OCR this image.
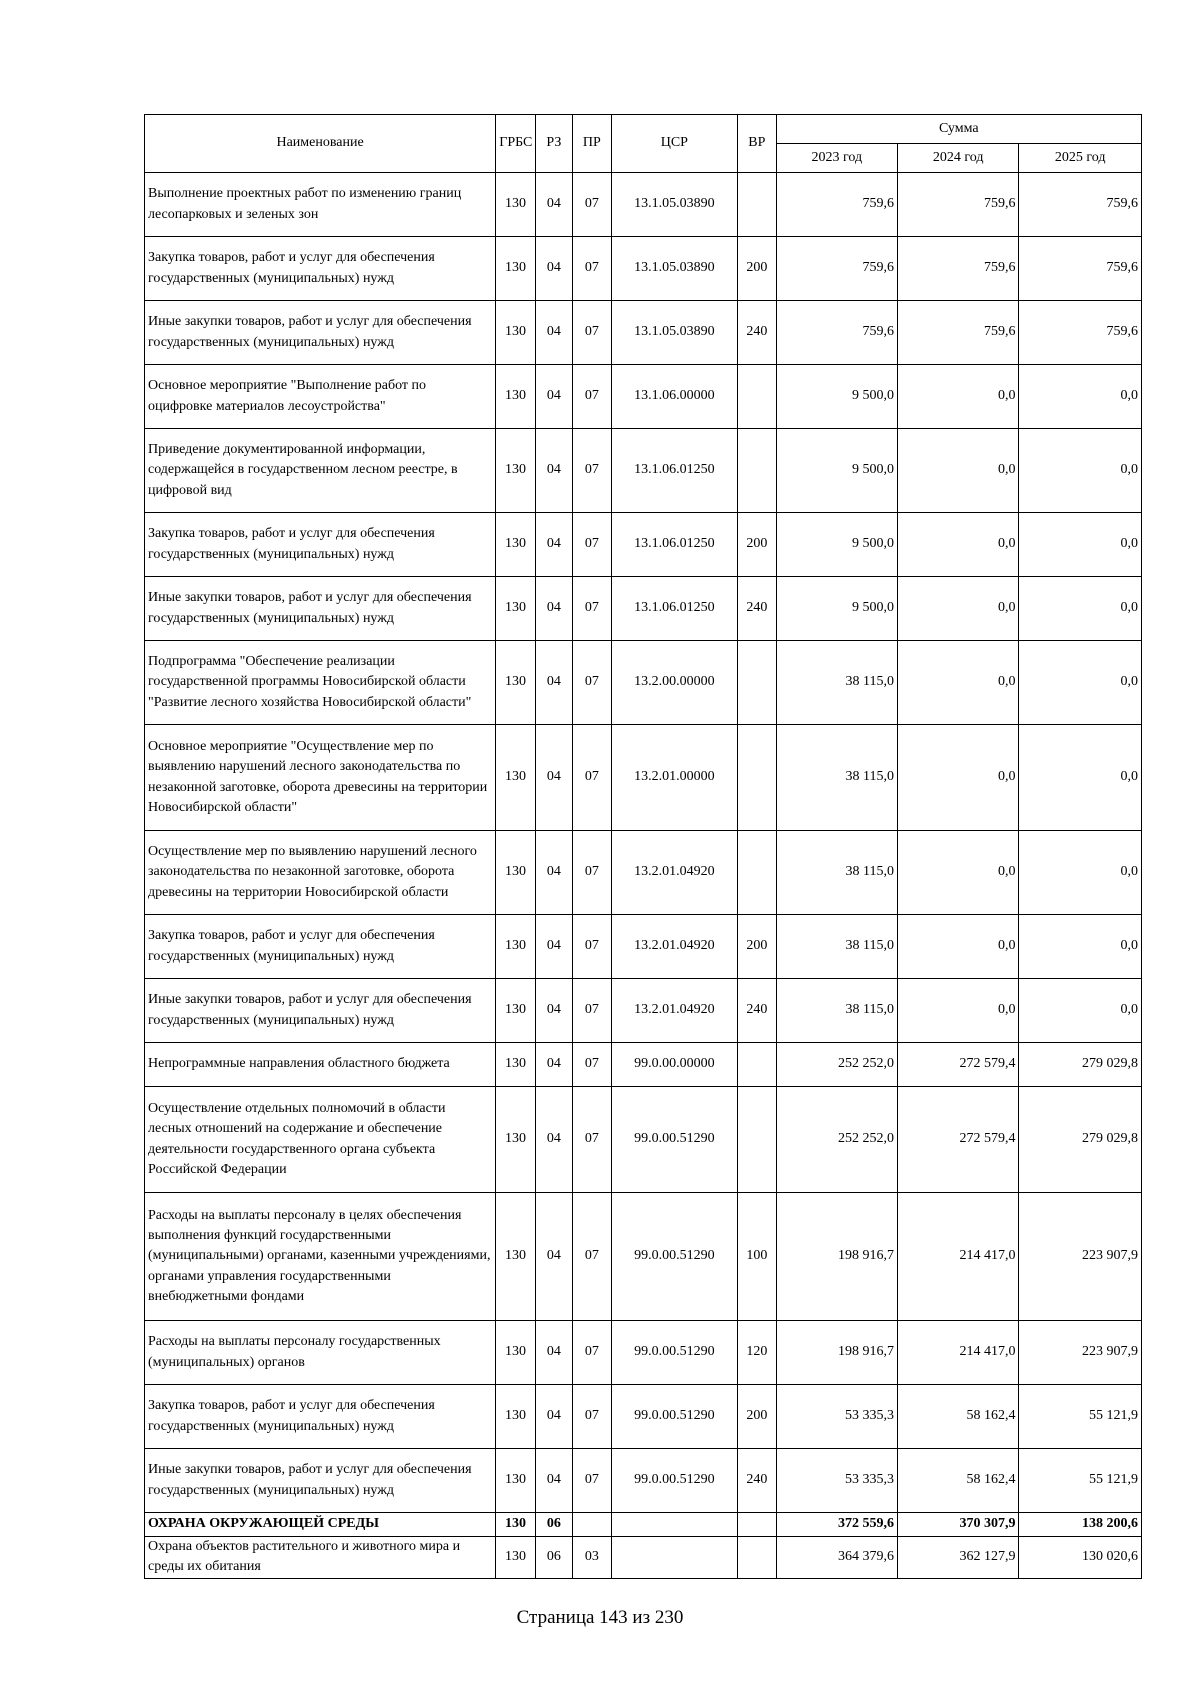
Наименование	ГРБС	РЗ	ПР	ЦСР	ВР	Сумма		
						2023 год	2024 год	2025 год
Выполнение проектных работ по изменению границ лесопарковых и зеленых зон	130	04	07	13.1.05.03890		759,6	759,6	759,6
Закупка товаров, работ и услуг для обеспечения государственных (муниципальных) нужд	130	04	07	13.1.05.03890	200	759,6	759,6	759,6
Иные закупки товаров, работ и услуг для обеспечения государственных (муниципальных) нужд	130	04	07	13.1.05.03890	240	759,6	759,6	759,6
Основное мероприятие "Выполнение работ по оцифровке материалов лесоустройства"	130	04	07	13.1.06.00000		9 500,0	0,0	0,0
Приведение документированной информации, содержащейся в государственном лесном реестре, в цифровой вид	130	04	07	13.1.06.01250		9 500,0	0,0	0,0
Закупка товаров, работ и услуг для обеспечения государственных (муниципальных) нужд	130	04	07	13.1.06.01250	200	9 500,0	0,0	0,0
Иные закупки товаров, работ и услуг для обеспечения государственных (муниципальных) нужд	130	04	07	13.1.06.01250	240	9 500,0	0,0	0,0
Подпрограмма "Обеспечение реализации государственной программы Новосибирской области "Развитие лесного хозяйства Новосибирской области"	130	04	07	13.2.00.00000		38 115,0	0,0	0,0
Основное мероприятие "Осуществление мер по выявлению нарушений лесного законодательства по незаконной заготовке, оборота древесины на территории Новосибирской области"	130	04	07	13.2.01.00000		38 115,0	0,0	0,0
Осуществление мер по выявлению нарушений лесного законодательства по незаконной заготовке, оборота древесины на территории Новосибирской области	130	04	07	13.2.01.04920		38 115,0	0,0	0,0
Закупка товаров, работ и услуг для обеспечения государственных (муниципальных) нужд	130	04	07	13.2.01.04920	200	38 115,0	0,0	0,0
Иные закупки товаров, работ и услуг для обеспечения государственных (муниципальных) нужд	130	04	07	13.2.01.04920	240	38 115,0	0,0	0,0
Непрограммные направления областного бюджета	130	04	07	99.0.00.00000		252 252,0	272 579,4	279 029,8
Осуществление отдельных полномочий в области лесных отношений на содержание и обеспечение деятельности государственного органа субъекта Российской Федерации	130	04	07	99.0.00.51290		252 252,0	272 579,4	279 029,8
Расходы на выплаты персоналу в целях обеспечения выполнения функций государственными (муниципальными) органами, казенными учреждениями, органами управления государственными внебюджетными фондами	130	04	07	99.0.00.51290	100	198 916,7	214 417,0	223 907,9
Расходы на выплаты персоналу государственных (муниципальных) органов	130	04	07	99.0.00.51290	120	198 916,7	214 417,0	223 907,9
Закупка товаров, работ и услуг для обеспечения государственных (муниципальных) нужд	130	04	07	99.0.00.51290	200	53 335,3	58 162,4	55 121,9
Иные закупки товаров, работ и услуг для обеспечения государственных (муниципальных) нужд	130	04	07	99.0.00.51290	240	53 335,3	58 162,4	55 121,9
ОХРАНА ОКРУЖАЮЩЕЙ СРЕДЫ	130	06				372 559,6	370 307,9	138 200,6
Охрана объектов растительного и животного мира и среды их обитания	130	06	03			364 379,6	362 127,9	130 020,6
Страница 143 из 230
